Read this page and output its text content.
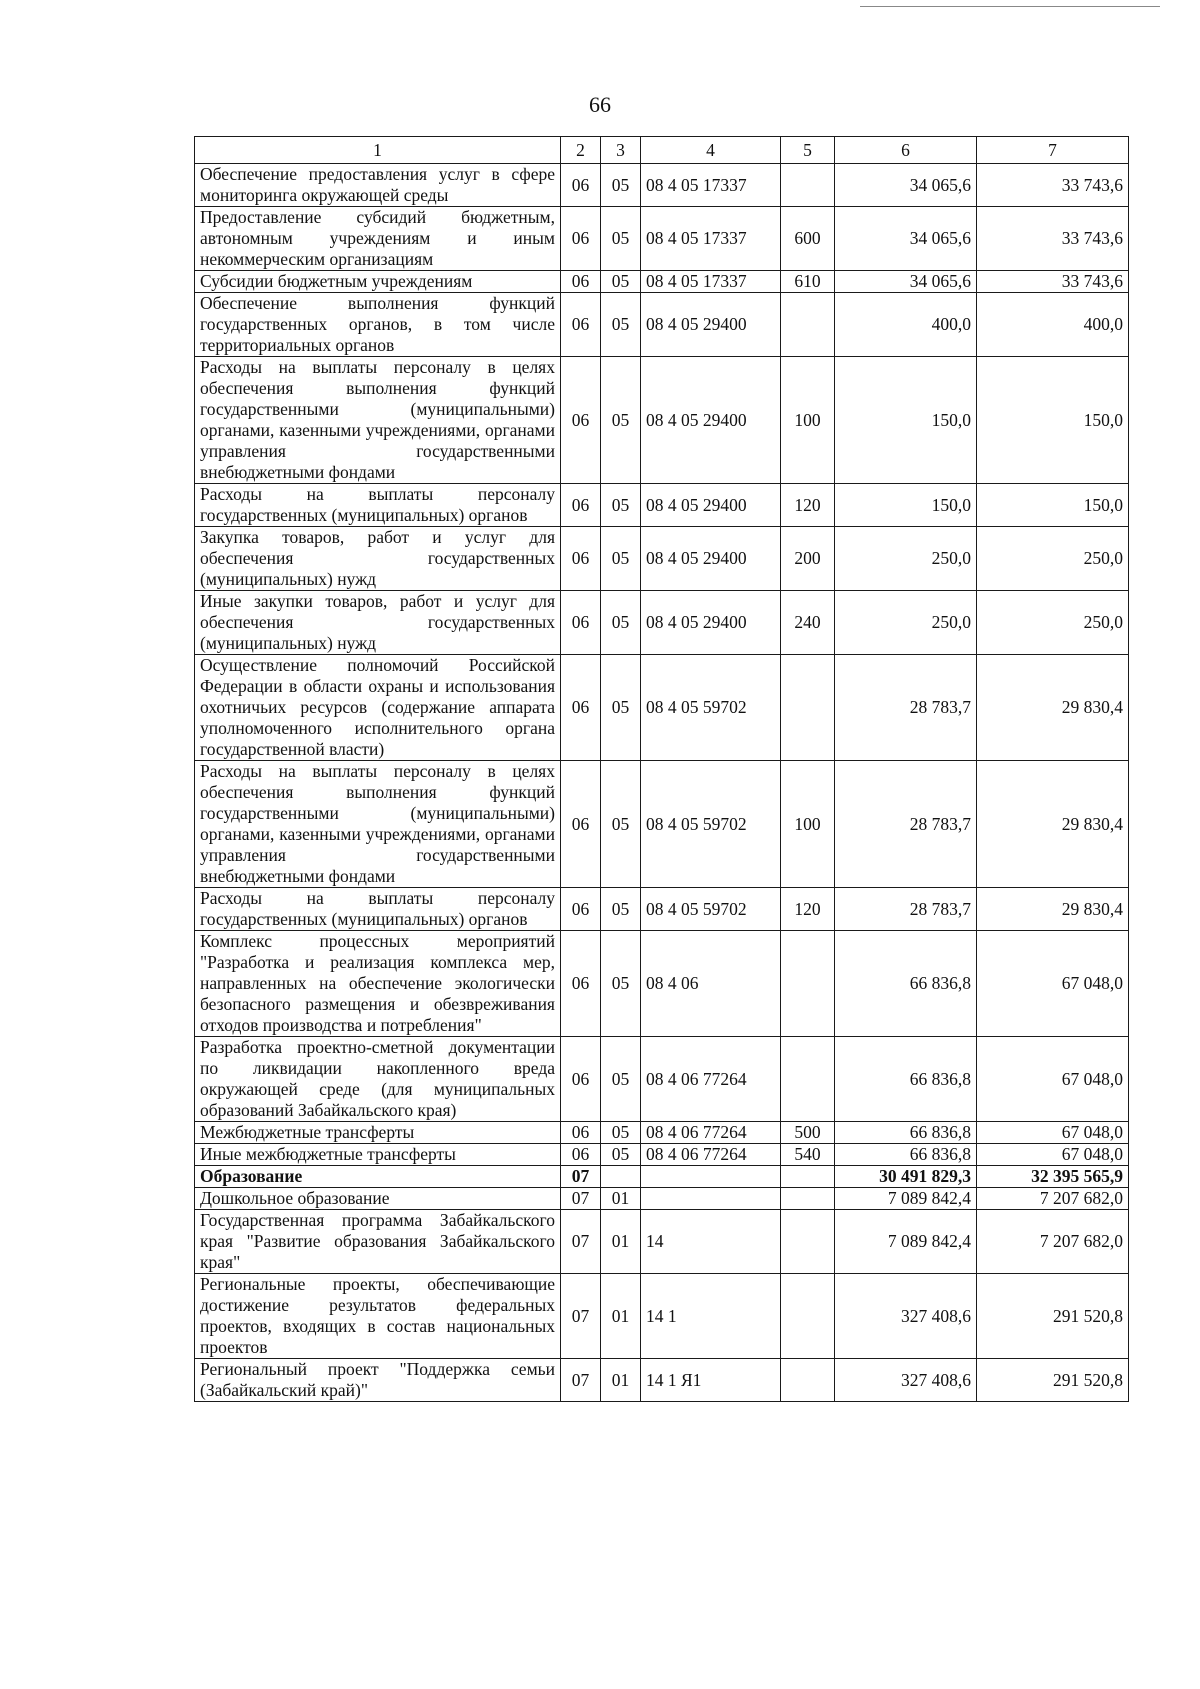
66
1	2	3	4	5	6	7
Обеспечение предоставления услуг в сфере мониторинга окружающей среды	06	05	08 4 05 17337		34 065,6	33 743,6
Предоставление субсидий бюджетным, автономным учреждениям и иным некоммерческим организациям	06	05	08 4 05 17337	600	34 065,6	33 743,6
Субсидии бюджетным учреждениям	06	05	08 4 05 17337	610	34 065,6	33 743,6
Обеспечение выполнения функций государственных органов, в том числе территориальных органов	06	05	08 4 05 29400		400,0	400,0
Расходы на выплаты персоналу в целях обеспечения выполнения функций государственными (муниципальными) органами, казенными учреждениями, органами управления государственными внебюджетными фондами	06	05	08 4 05 29400	100	150,0	150,0
Расходы на выплаты персоналу государственных (муниципальных) органов	06	05	08 4 05 29400	120	150,0	150,0
Закупка товаров, работ и услуг для обеспечения государственных (муниципальных) нужд	06	05	08 4 05 29400	200	250,0	250,0
Иные закупки товаров, работ и услуг для обеспечения государственных (муниципальных) нужд	06	05	08 4 05 29400	240	250,0	250,0
Осуществление полномочий Российской Федерации в области охраны и использования охотничьих ресурсов (содержание аппарата уполномоченного исполнительного органа государственной власти)	06	05	08 4 05 59702		28 783,7	29 830,4
Расходы на выплаты персоналу в целях обеспечения выполнения функций государственными (муниципальными) органами, казенными учреждениями, органами управления государственными внебюджетными фондами	06	05	08 4 05 59702	100	28 783,7	29 830,4
Расходы на выплаты персоналу государственных (муниципальных) органов	06	05	08 4 05 59702	120	28 783,7	29 830,4
Комплекс процессных мероприятий "Разработка и реализация комплекса мер, направленных на обеспечение экологически безопасного размещения и обезвреживания отходов производства и потребления"	06	05	08 4 06		66 836,8	67 048,0
Разработка проектно-сметной документации по ликвидации накопленного вреда окружающей среде (для муниципальных образований Забайкальского края)	06	05	08 4 06 77264		66 836,8	67 048,0
Межбюджетные трансферты	06	05	08 4 06 77264	500	66 836,8	67 048,0
Иные межбюджетные трансферты	06	05	08 4 06 77264	540	66 836,8	67 048,0
Образование	07				30 491 829,3	32 395 565,9
Дошкольное образование	07	01			7 089 842,4	7 207 682,0
Государственная программа Забайкальского края "Развитие образования Забайкальского края"	07	01	14		7 089 842,4	7 207 682,0
Региональные проекты, обеспечивающие достижение результатов федеральных проектов, входящих в состав национальных проектов	07	01	14 1		327 408,6	291 520,8
Региональный проект "Поддержка семьи (Забайкальский край)"	07	01	14 1 Я1		327 408,6	291 520,8
